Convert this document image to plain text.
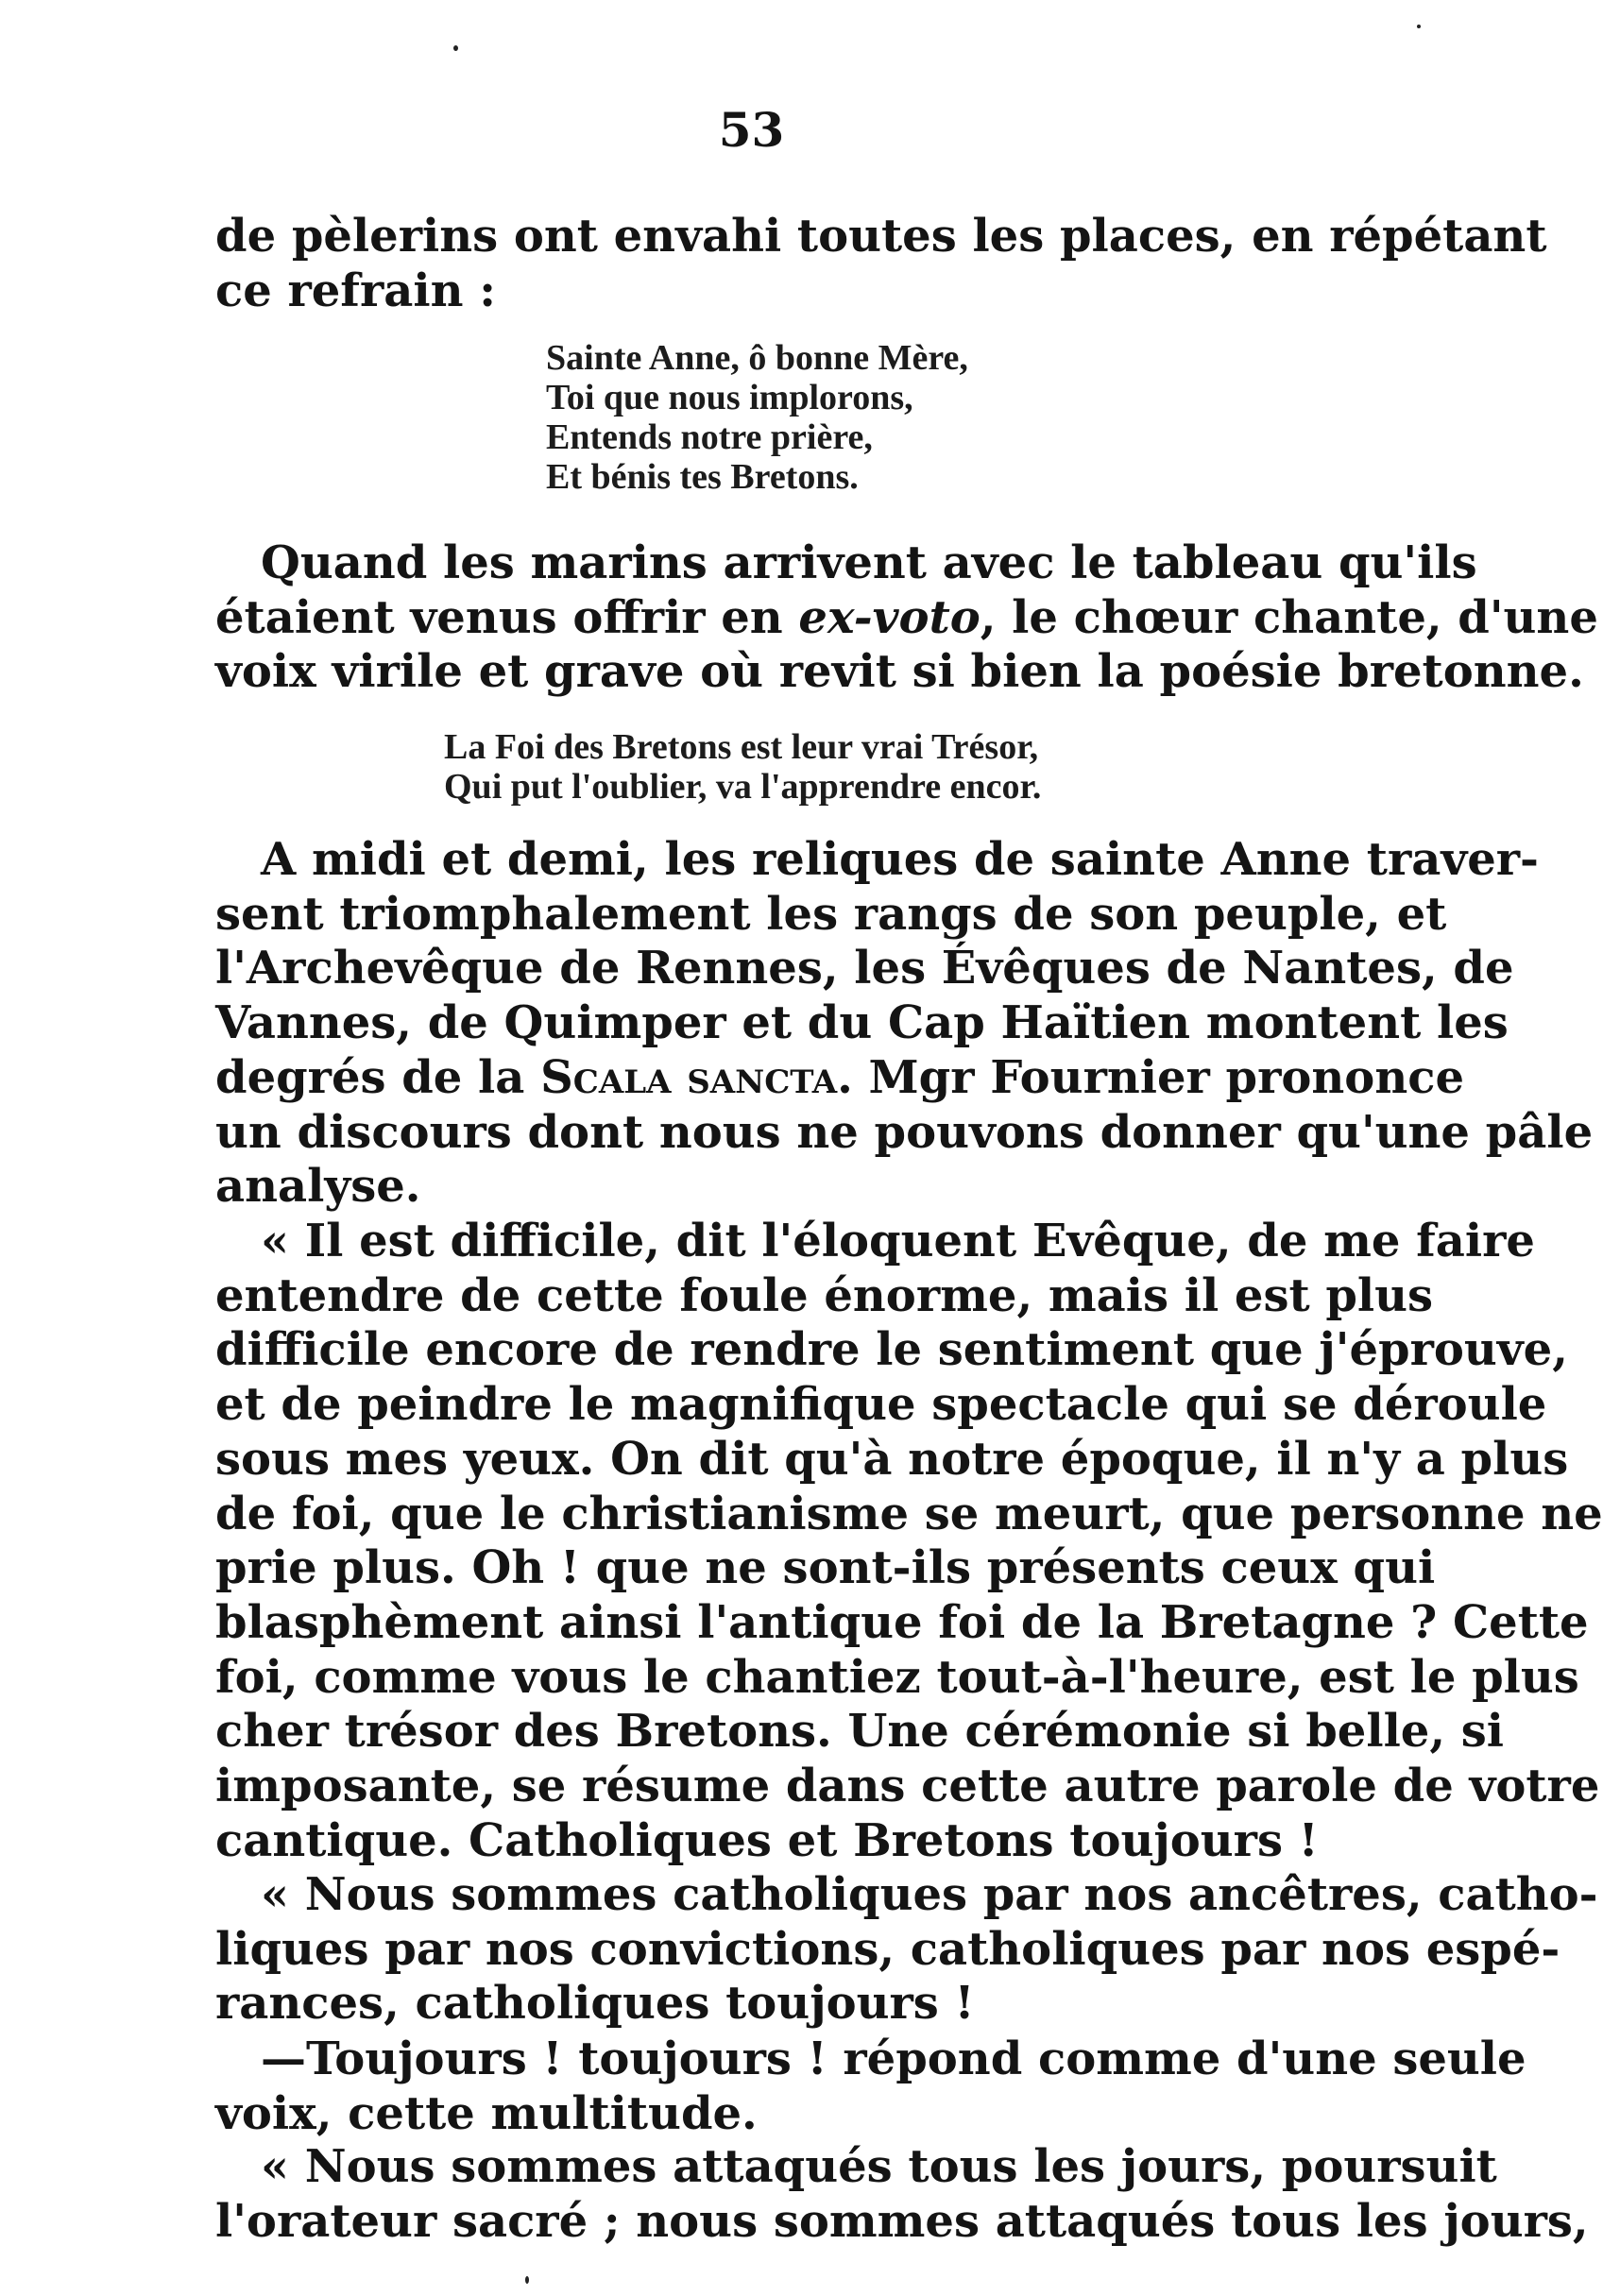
53
de pèlerins ont envahi toutes les places, en répétant
ce refrain :
Sainte Anne, ô bonne Mère,
Toi que nous implorons,
Entends notre prière,
Et bénis tes Bretons.
Quand les marins arrivent avec le tableau qu'ils
étaient venus offrir en ex-voto, le chœur chante, d'une
voix virile et grave où revit si bien la poésie bretonne.
La Foi des Bretons est leur vrai Trésor,
Qui put l'oublier, va l'apprendre encor.
A midi et demi, les reliques de sainte Anne traver-
sent triomphalement les rangs de son peuple, et
l'Archevêque de Rennes, les Évêques de Nantes, de
Vannes, de Quimper et du Cap Haïtien montent les
degrés de la Scala sancta. Mgr Fournier prononce
un discours dont nous ne pouvons donner qu'une pâle
analyse.
« Il est difficile, dit l'éloquent Evêque, de me faire
entendre de cette foule énorme, mais il est plus
difficile encore de rendre le sentiment que j'éprouve,
et de peindre le magnifique spectacle qui se déroule
sous mes yeux. On dit qu'à notre époque, il n'y a plus
de foi, que le christianisme se meurt, que personne ne
prie plus. Oh ! que ne sont-ils présents ceux qui
blasphèment ainsi l'antique foi de la Bretagne ? Cette
foi, comme vous le chantiez tout-à-l'heure, est le plus
cher trésor des Bretons. Une cérémonie si belle, si
imposante, se résume dans cette autre parole de votre
cantique. Catholiques et Bretons toujours !
« Nous sommes catholiques par nos ancêtres, catho-
liques par nos convictions, catholiques par nos espé-
rances, catholiques toujours !
—Toujours ! toujours ! répond comme d'une seule
voix, cette multitude.
« Nous sommes attaqués tous les jours, poursuit
l'orateur sacré ; nous sommes attaqués tous les jours,
